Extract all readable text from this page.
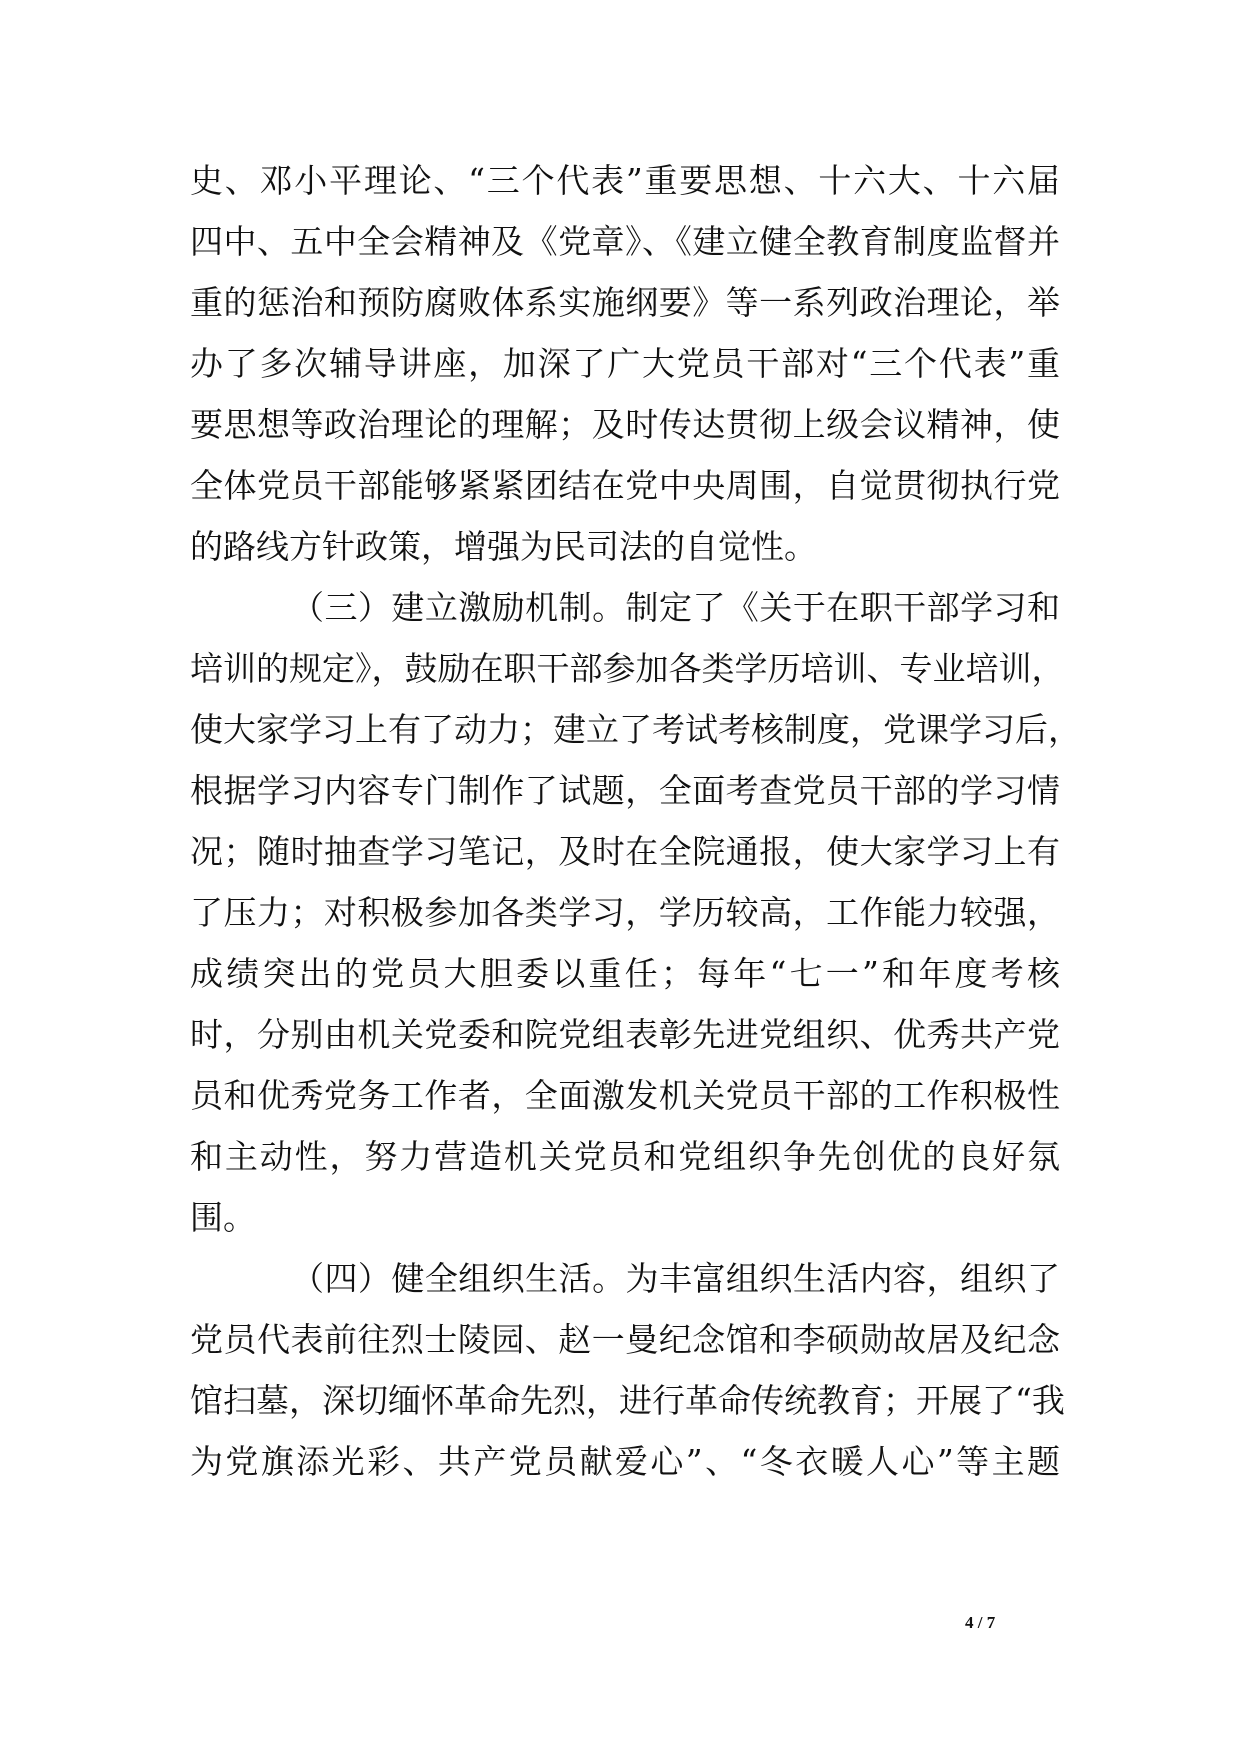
史、邓小平理论、“三个代表”重要思想、十六大、十六届
四中、五中全会精神及《党章》、《建立健全教育制度监督并
重的惩治和预防腐败体系实施纲要》等一系列政治理论，举
办了多次辅导讲座，加深了广大党员干部对“三个代表”重
要思想等政治理论的理解；及时传达贯彻上级会议精神，使
全体党员干部能够紧紧团结在党中央周围，自觉贯彻执行党
的路线方针政策，增强为民司法的自觉性。
（三）建立激励机制。制定了《关于在职干部学习和
培训的规定》，鼓励在职干部参加各类学历培训、专业培训，
使大家学习上有了动力；建立了考试考核制度，党课学习后，
根据学习内容专门制作了试题，全面考查党员干部的学习情
况；随时抽查学习笔记，及时在全院通报，使大家学习上有
了压力；对积极参加各类学习，学历较高，工作能力较强，
成绩突出的党员大胆委以重任；每年“七一”和年度考核
时，分别由机关党委和院党组表彰先进党组织、优秀共产党
员和优秀党务工作者，全面激发机关党员干部的工作积极性
和主动性，努力营造机关党员和党组织争先创优的良好氛
围。
（四）健全组织生活。为丰富组织生活内容，组织了
党员代表前往烈士陵园、赵一曼纪念馆和李硕勋故居及纪念
馆扫墓，深切缅怀革命先烈，进行革命传统教育；开展了“我
为党旗添光彩、共产党员献爱心”、“冬衣暖人心”等主题
4 / 7
